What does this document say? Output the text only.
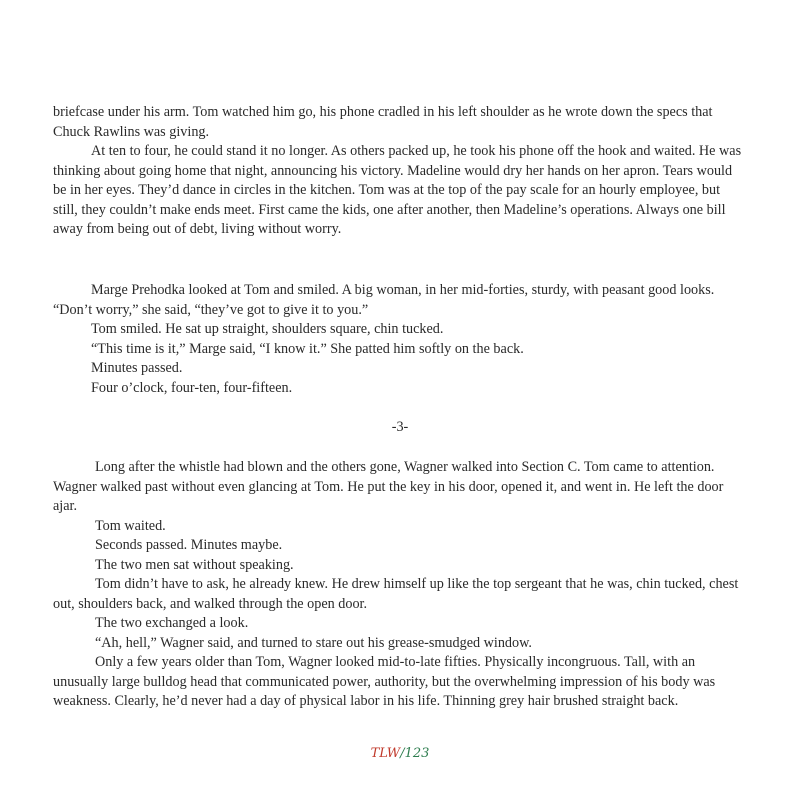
briefcase under his arm. Tom watched him go, his phone cradled in his left shoulder as he wrote down the specs that Chuck Rawlins was giving.

At ten to four, he could stand it no longer. As others packed up, he took his phone off the hook and waited. He was thinking about going home that night, announcing his victory. Madeline would dry her hands on her apron. Tears would be in her eyes. They’d dance in circles in the kitchen. Tom was at the top of the pay scale for an hourly employee, but still, they couldn’t make ends meet. First came the kids, one after another, then Madeline’s operations. Always one bill away from being out of debt, living without worry.

Marge Prehodka looked at Tom and smiled. A big woman, in her mid-forties, sturdy, with peasant good looks. “Don’t worry,” she said, “they’ve got to give it to you.”

Tom smiled. He sat up straight, shoulders square, chin tucked.

“This time is it,” Marge said, “I know it.” She patted him softly on the back.

Minutes passed.

Four o’clock, four-ten, four-fifteen.

-3-

Long after the whistle had blown and the others gone, Wagner walked into Section C. Tom came to attention. Wagner walked past without even glancing at Tom. He put the key in his door, opened it, and went in. He left the door ajar.

Tom waited.

Seconds passed. Minutes maybe.

The two men sat without speaking.

Tom didn’t have to ask, he already knew. He drew himself up like the top sergeant that he was, chin tucked, chest out, shoulders back, and walked through the open door.

The two exchanged a look.

“Ah, hell,” Wagner said, and turned to stare out his grease-smudged window.

Only a few years older than Tom, Wagner looked mid-to-late fifties. Physically incongruous. Tall, with an unusually large bulldog head that communicated power, authority, but the overwhelming impression of his body was weakness. Clearly, he’d never had a day of physical labor in his life. Thinning grey hair brushed straight back.

TLW/123
